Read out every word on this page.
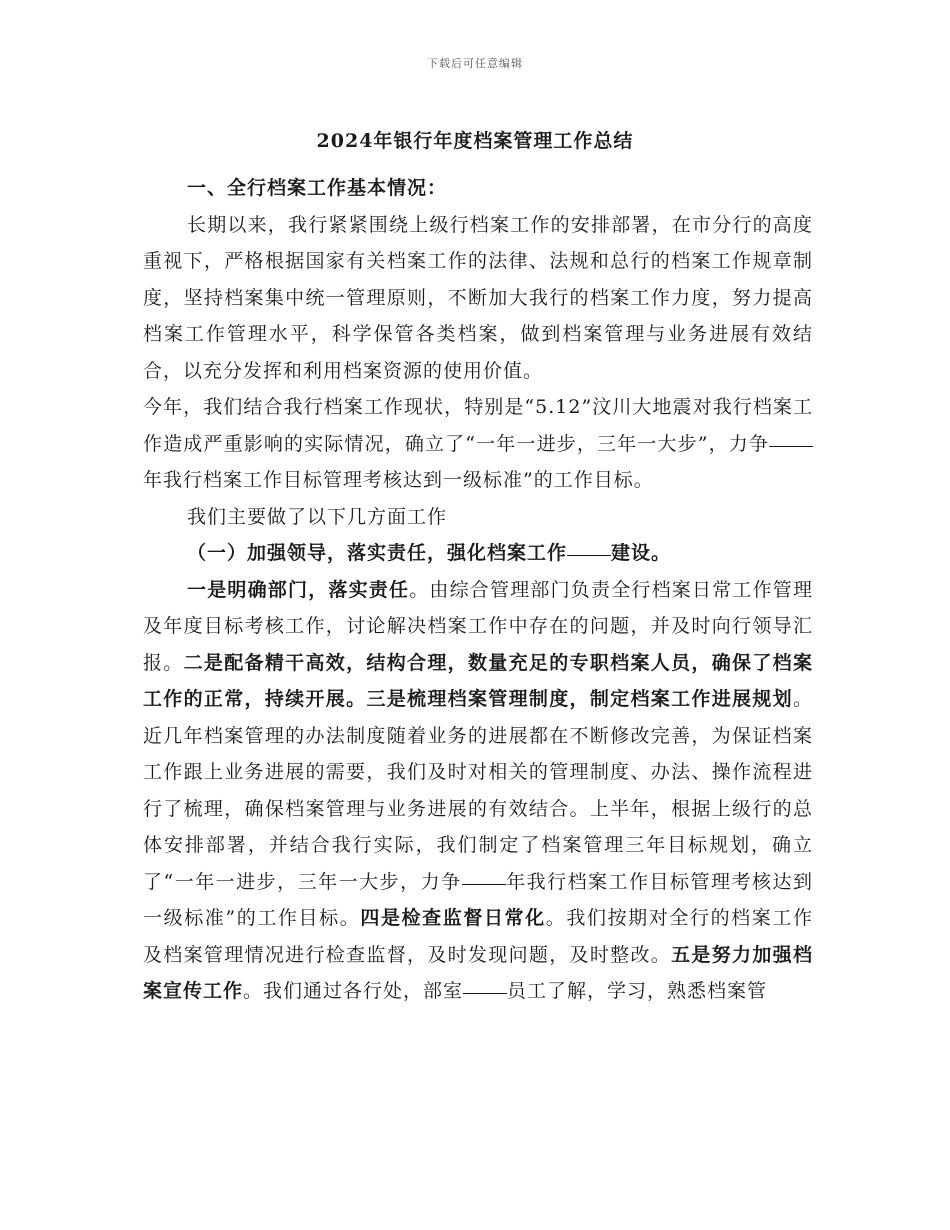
下载后可任意编辑
2024年银行年度档案管理工作总结

一、全行档案工作基本情况：

长期以来，我行紧紧围绕上级行档案工作的安排部署，在市分行的高度重视下，严格根据国家有关档案工作的法律、法规和总行的档案工作规章制度，坚持档案集中统一管理原则，不断加大我行的档案工作力度，努力提高档案工作管理水平，科学保管各类档案，做到档案管理与业务进展有效结合，以充分发挥和利用档案资源的使用价值。

今年，我们结合我行档案工作现状，特别是“5.12”汶川大地震对我行档案工作造成严重影响的实际情况，确立了“一年一进步，三年一大步”，力争年我行档案工作目标管理考核达到一级标准”的工作目标。

我们主要做了以下几方面工作

（一）加强领导，落实责任，强化档案工作 建设。

一是明确部门，落实责任。由综合管理部门负责全行档案日常工作管理及年度目标考核工作，讨论解决档案工作中存在的问题，并及时向行领导汇报。二是配备精干高效，结构合理，数量充足的专职档案人员，确保了档案工作的正常，持续开展。三是梳理档案管理制度，制定档案工作进展规划。近几年档案管理的办法制度随着业务的进展都在不断修改完善，为保证档案工作跟上业务进展的需要，我们及时对相关的管理制度、办法、操作流程进行了梳理，确保档案管理与业务进展的有效结合。上半年，根据上级行的总体安排部署，并结合我行实际，我们制定了档案管理三年目标规划，确立了“一年一进步，三年一大步，力争 年我行档案工作目标管理考核达到一级标准”的工作目标。四是检查监督日常化。我们按期对全行的档案工作及档案管理情况进行检查监督，及时发现问题，及时整改。五是努力加强档案宣传工作。我们通过各行处，部室 员工了解，学习，熟悉档案管
